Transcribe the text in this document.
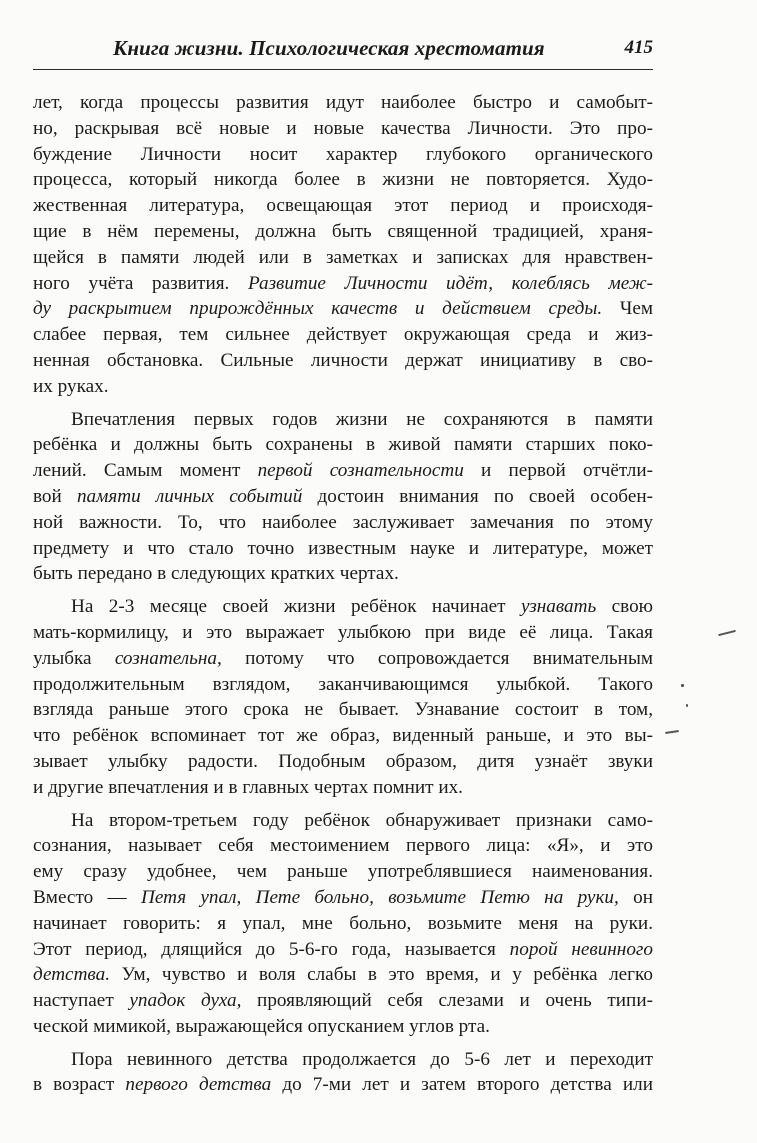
Книга жизни. Психологическая хрестоматия	415
лет, когда процессы развития идут наиболее быстро и самобыт-
но, раскрывая всё новые и новые качества Личности. Это про-
буждение Личности носит характер глубокого органического
процесса, который никогда более в жизни не повторяется. Худо-
жественная литература, освещающая этот период и происходя-
щие в нём перемены, должна быть священной традицией, храня-
щейся в памяти людей или в заметках и записках для нравствен-
ного учёта развития. Развитие Личности идёт, колеблясь меж-
ду раскрытием прирождённых качеств и действием среды. Чем
слабее первая, тем сильнее действует окружающая среда и жиз-
ненная обстановка. Сильные личности держат инициативу в сво-
их руках.
Впечатления первых годов жизни не сохраняются в памяти
ребёнка и должны быть сохранены в живой памяти старших поко-
лений. Самым момент первой сознательности и первой отчётли-
вой памяти личных событий достоин внимания по своей особен-
ной важности. То, что наиболее заслуживает замечания по этому
предмету и что стало точно известным науке и литературе, может
быть передано в следующих кратких чертах.
На 2-3 месяце своей жизни ребёнок начинает узнавать свою
мать-кормилицу, и это выражает улыбкою при виде её лица. Такая
улыбка сознательна, потому что сопровождается внимательным
продолжительным взглядом, заканчивающимся улыбкой. Такого
взгляда раньше этого срока не бывает. Узнавание состоит в том,
что ребёнок вспоминает тот же образ, виденный раньше, и это вы-
зывает улыбку радости. Подобным образом, дитя узнаёт звуки
и другие впечатления и в главных чертах помнит их.
На втором-третьем году ребёнок обнаруживает признаки само-
сознания, называет себя местоимением первого лица: «Я», и это
ему сразу удобнее, чем раньше употреблявшиеся наименования.
Вместо — Петя упал, Пете больно, возьмите Петю на руки, он
начинает говорить: я упал, мне больно, возьмите меня на руки.
Этот период, длящийся до 5-6-го года, называется порой невинного
детства. Ум, чувство и воля слабы в это время, и у ребёнка легко
наступает упадок духа, проявляющий себя слезами и очень типи-
ческой мимикой, выражающейся опусканием углов рта.
Пора невинного детства продолжается до 5-6 лет и переходит
в возраст первого детства до 7-ми лет и затем второго детства или
